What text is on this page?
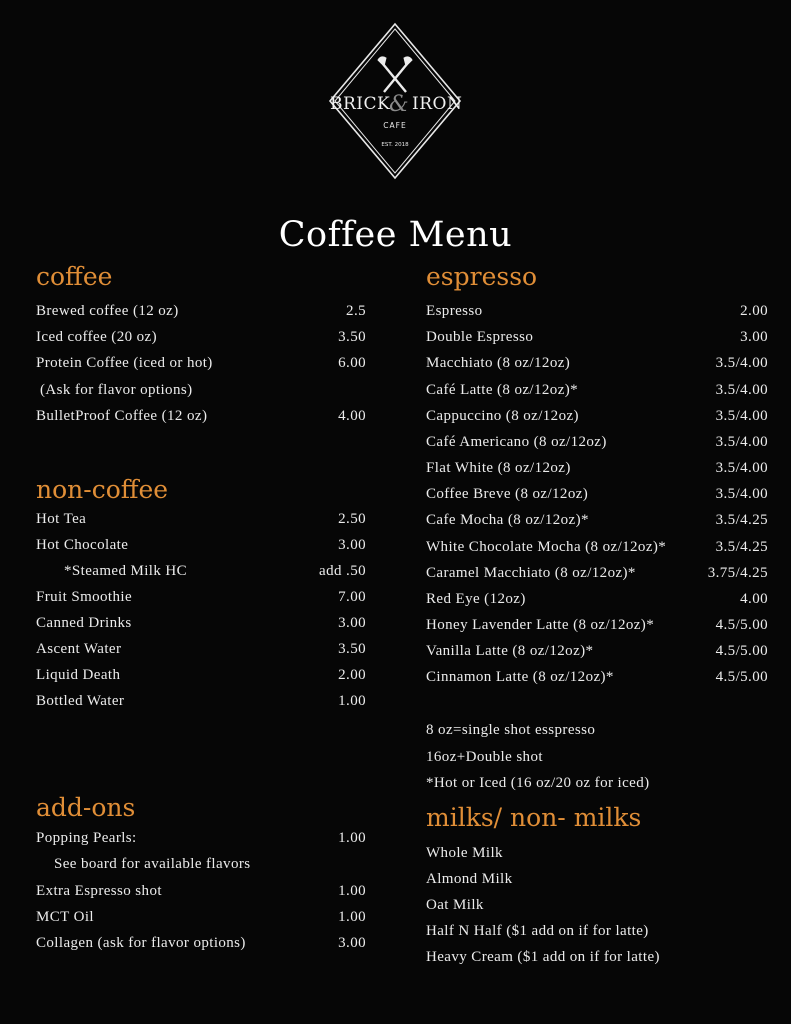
BRICK
& IRON
CAFE
EST. 2018
Coffee Menu
coffee
Brewed coffee (12 oz)	2.5
Iced coffee (20 oz)	3.50
Protein Coffee (iced or hot)	6.00
(Ask for flavor options)
BulletProof Coffee (12 oz)	4.00
non-coffee
Hot Tea	2.50
Hot Chocolate	3.00
*Steamed Milk HC	add .50
Fruit Smoothie	7.00
Canned Drinks	3.00
Ascent Water	3.50
Liquid Death	2.00
Bottled Water	1.00
add-ons
Popping Pearls:	1.00
See board for available flavors
Extra Espresso shot	1.00
MCT Oil	1.00
Collagen (ask for flavor options)	3.00
espresso
Espresso	2.00
Double Espresso	3.00
Macchiato (8 oz/12oz)	3.5/4.00
Café Latte (8 oz/12oz)*	3.5/4.00
Cappuccino (8 oz/12oz)	3.5/4.00
Café Americano (8 oz/12oz)	3.5/4.00
Flat White (8 oz/12oz)	3.5/4.00
Coffee Breve (8 oz/12oz)	3.5/4.00
Cafe Mocha (8 oz/12oz)*	3.5/4.25
White Chocolate Mocha (8 oz/12oz)*	3.5/4.25
Caramel Macchiato (8 oz/12oz)*	3.75/4.25
Red Eye (12oz)	4.00
Honey Lavender Latte (8 oz/12oz)*	4.5/5.00
Vanilla Latte (8 oz/12oz)*	4.5/5.00
Cinnamon Latte (8 oz/12oz)*	4.5/5.00
8 oz=single shot esspresso
16oz+Double shot
*Hot or Iced (16 oz/20 oz for iced)
milks/ non- milks
Whole Milk
Almond Milk
Oat Milk
Half N Half ($1 add on if for latte)
Heavy Cream ($1 add on if for latte)
